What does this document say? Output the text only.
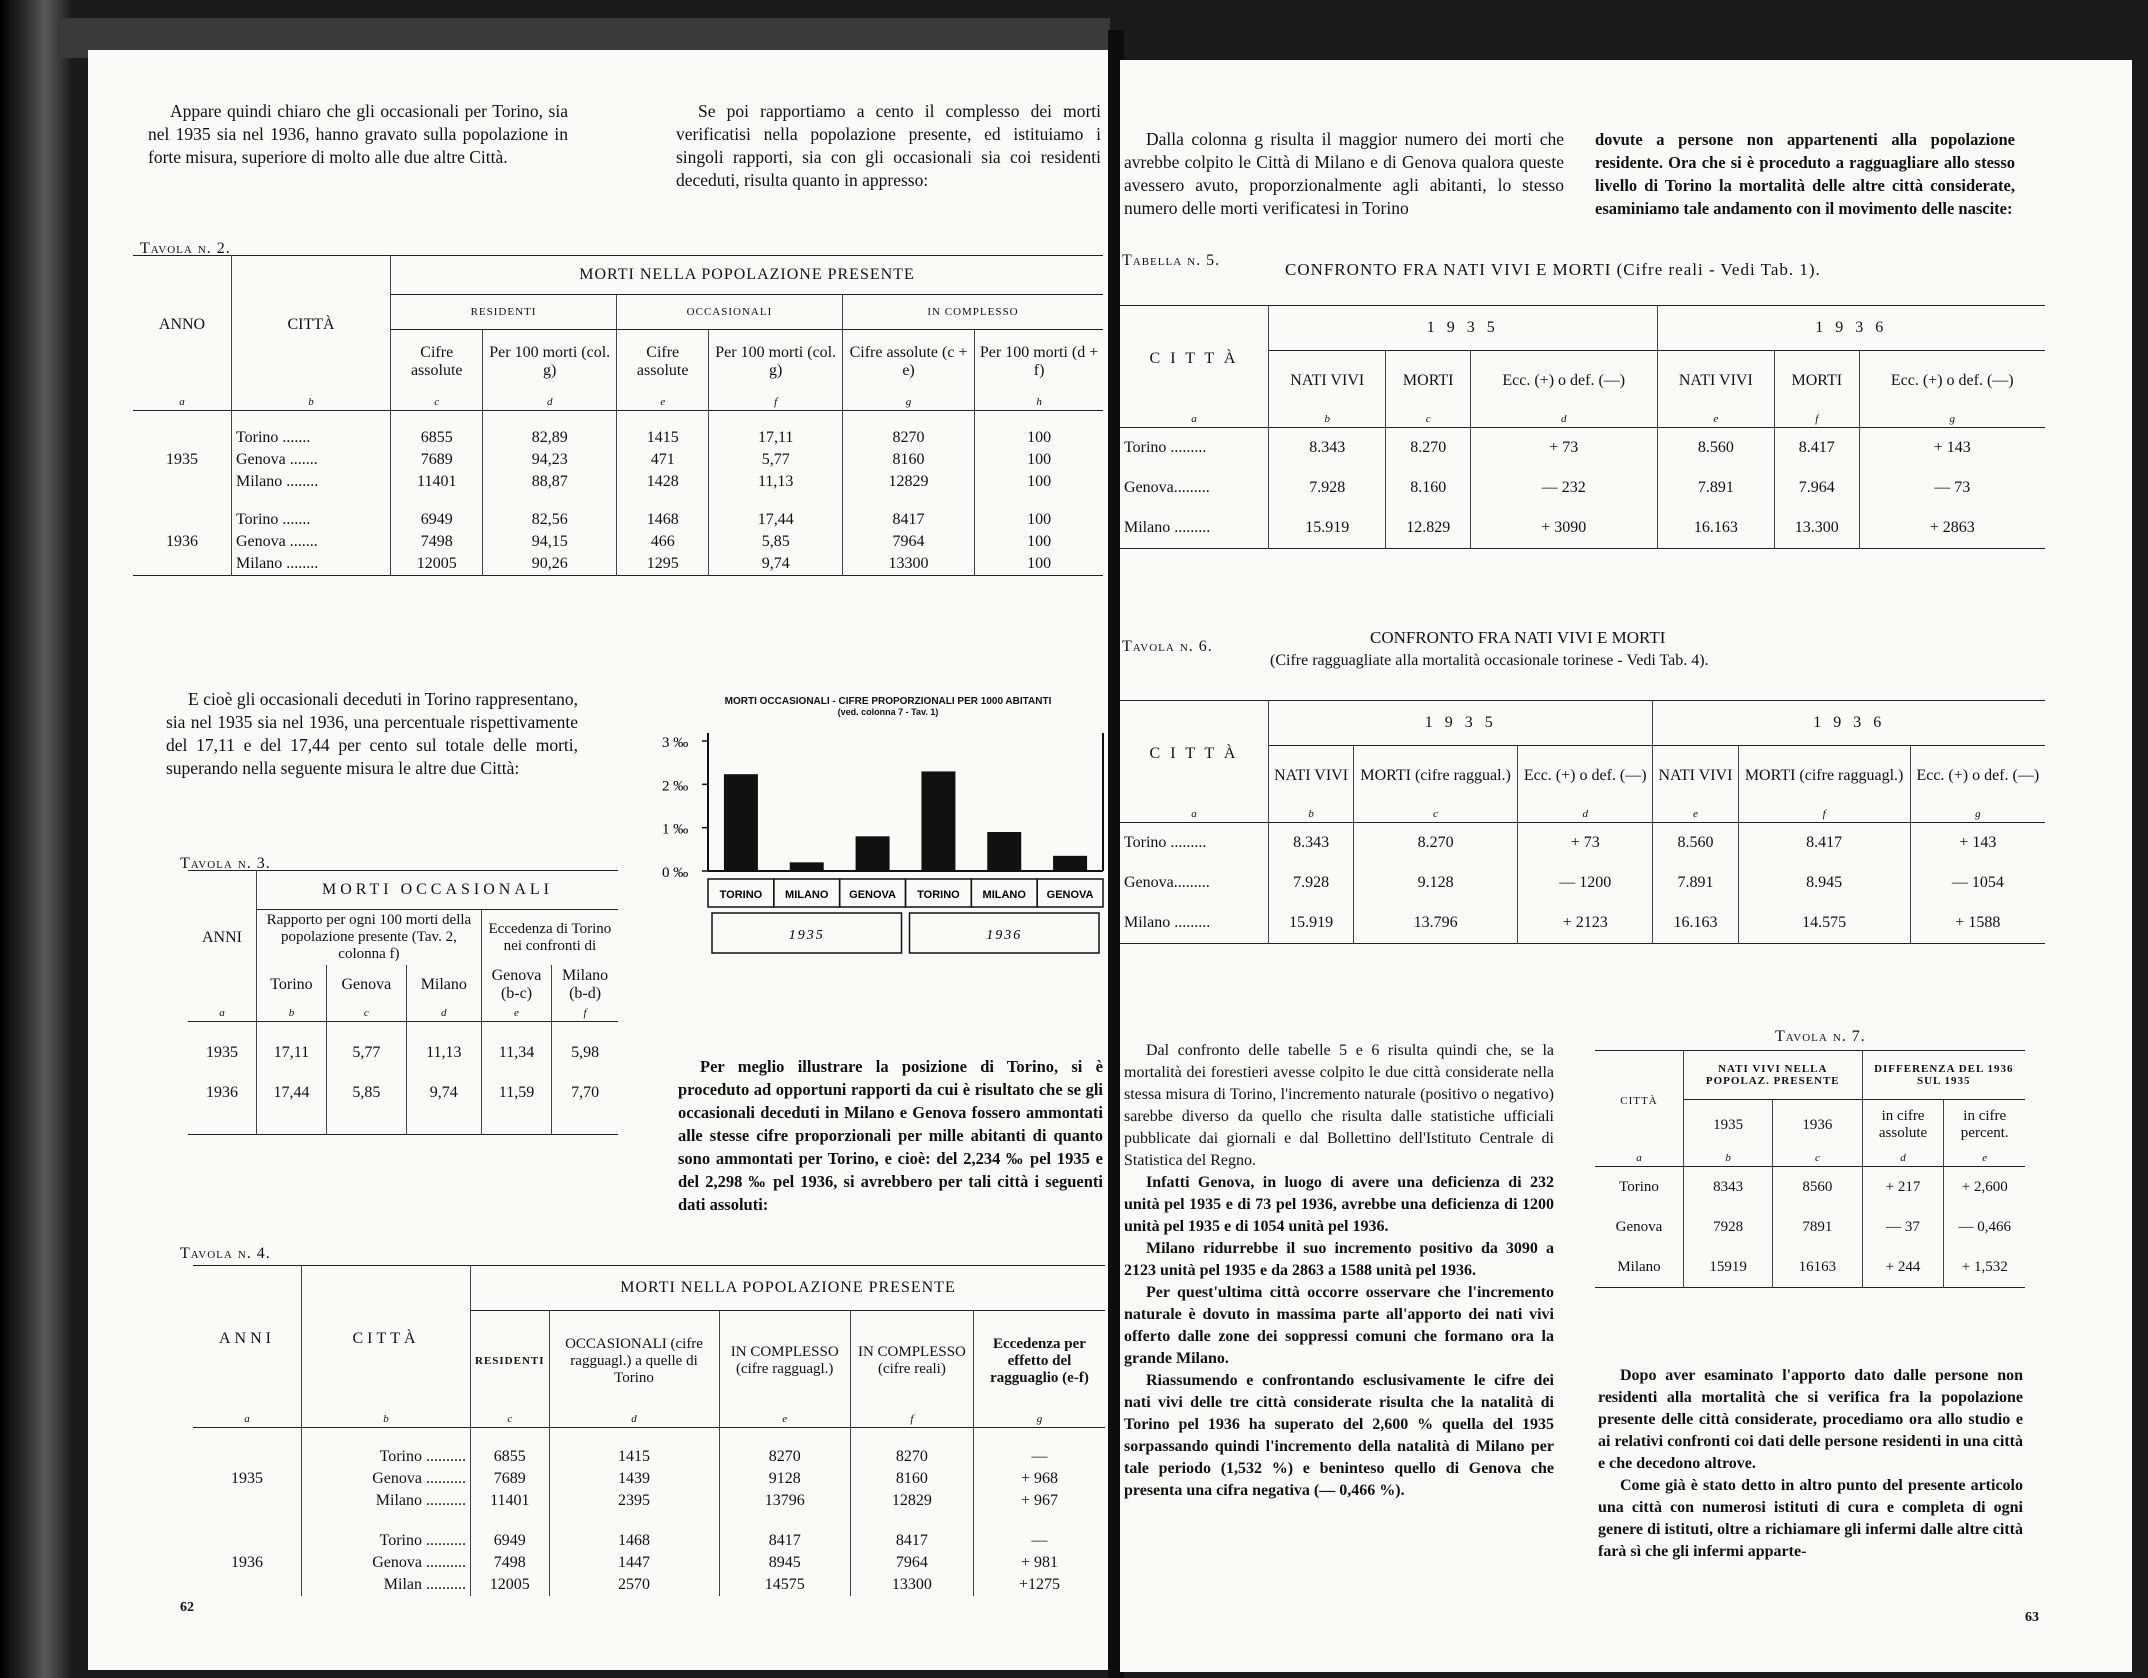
Appare quindi chiaro che gli occasionali per Torino, sia nel 1935 sia nel 1936, hanno gravato sulla popolazione in forte misura, superiore di molto alle due altre Città.
Se poi rapportiamo a cento il complesso dei morti verificatisi nella popolazione presente, ed istituiamo i singoli rapporti, sia con gli occasionali sia coi residenti deceduti, risulta quanto in appresso:
Tavola n. 2.
ANNO	CITTÀ	MORTI NELLA POPOLAZIONE PRESENTE					
		RESIDENTI		OCCASIONALI		IN COMPLESSO	
		Cifre assolute	Per 100 morti (col. g)	Cifre assolute	Per 100 morti (col. g)	Cifre assolute (c + e)	Per 100 morti (d + f)
a	b	c	d	e	f	g	h

1935	Torino .......	6855	82,89	1415	17,11	8270	100
	Genova .......	7689	94,23	471	5,77	8160	100
	Milano ........	11401	88,87	1428	11,13	12829	100

1936	Torino .......	6949	82,56	1468	17,44	8417	100
	Genova .......	7498	94,15	466	5,85	7964	100
	Milano ........	12005	90,26	1295	9,74	13300	100
E cioè gli occasionali deceduti in Torino rappresentano, sia nel 1935 sia nel 1936, una percentuale rispettivamente del 17,11 e del 17,44 per cento sul totale delle morti, superando nella seguente misura le altre due Città:
MORTI OCCASIONALI - CIFRE PROPORZIONALI PER 1000 ABITANTI
(ved. colonna 7 - Tav. 1)
3 ‰
2 ‰
1 ‰
0 ‰
TORINO MILANO GENOVA TORINO MILANO GENOVA
1935	1936
Tavola n. 3.
ANNI	MORTI OCCASIONALI				
	Rapporto per ogni 100 morti della popolazione presente (Tav. 2, colonna f)			Eccedenza di Torino nei confronti di	
	Torino	Genova	Milano	Genova (b-c)	Milano (b-d)

a	b	c	d	e	f

1935	17,11	5,77	11,13	11,34	5,98

1936	17,44	5,85	9,74	11,59	7,70

Per meglio illustrare la posizione di Torino, si è proceduto ad opportuni rapporti da cui è risultato che se gli occasionali deceduti in Milano e Genova fossero ammontati alle stesse cifre proporzionali per mille abitanti di quanto sono ammontati per Torino, e cioè: del 2,234 ‰ pel 1935 e del 2,298 ‰ pel 1936, si avrebbero per tali città i seguenti dati assoluti:
Tavola n. 4.
ANNI	CITTÀ	MORTI NELLA POPOLAZIONE PRESENTE				
		RESIDENTI	OCCASIONALI (cifre ragguagl.) a quelle di Torino	IN COMPLESSO (cifre ragguagl.)	IN COMPLESSO (cifre reali)	Eccedenza per effetto del ragguaglio (e-f)

a	b	c	d	e	f	g

1935	Torino ..........	6855	1415	8270	8270	—
	Genova ..........	7689	1439	9128	8160	+ 968
	Milano ..........	11401	2395	13796	12829	+ 967

1936	Torino ..........	6949	1468	8417	8417	—
	Genova ..........	7498	1447	8945	7964	+ 981
	Milan ..........	12005	2570	14575	13300	+1275
62
Dalla colonna g risulta il maggior numero dei morti che avrebbe colpito le Città di Milano e di Genova qualora queste avessero avuto, proporzionalmente agli abitanti, lo stesso numero delle morti verificatesi in Torino
dovute a persone non appartenenti alla popolazione residente. Ora che si è proceduto a ragguagliare allo stesso livello di Torino la mortalità delle altre città considerate, esaminiamo tale andamento con il movimento delle nascite:
Tabella n. 5.	CONFRONTO FRA NATI VIVI E MORTI (Cifre reali - Vedi Tab. 1).
C I T T À	1 9 3 5			1 9 3 6		
	NATI VIVI	MORTI	Ecc. (+) o def. (—)	NATI VIVI	MORTI	Ecc. (+) o def. (—)

a	b	c	d	e	f	g
Torino .........	8.343	8.270	+ 73	8.560	8.417	+ 143
Genova.........	7.928	8.160	— 232	7.891	7.964	— 73
Milano .........	15.919	12.829	+ 3090	16.163	13.300	+ 2863
Tavola n. 6.	CONFRONTO FRA NATI VIVI E MORTI
(Cifre ragguagliate alla mortalità occasionale torinese - Vedi Tab. 4).
C I T T À	1 9 3 5			1 9 3 6		
	NATI VIVI	MORTI (cifre raggual.)	Ecc. (+) o def. (—)	NATI VIVI	MORTI (cifre ragguagl.)	Ecc. (+) o def. (—)

a	b	c	d	e	f	g
Torino .........	8.343	8.270	+ 73	8.560	8.417	+ 143
Genova.........	7.928	9.128	— 1200	7.891	8.945	— 1054
Milano .........	15.919	13.796	+ 2123	16.163	14.575	+ 1588
Dal confronto delle tabelle 5 e 6 risulta quindi che, se la mortalità dei forestieri avesse colpito le due città considerate nella stessa misura di Torino, l'incremento naturale (positivo o negativo) sarebbe diverso da quello che risulta dalle statistiche ufficiali pubblicate dai giornali e dal Bollettino dell'Istituto Centrale di Statistica del Regno.
Infatti Genova, in luogo di avere una deficienza di 232 unità pel 1935 e di 73 pel 1936, avrebbe una deficienza di 1200 unità pel 1935 e di 1054 unità pel 1936.
Milano ridurrebbe il suo incremento positivo da 3090 a 2123 unità pel 1935 e da 2863 a 1588 unità pel 1936.
Per quest'ultima città occorre osservare che l'incremento naturale è dovuto in massima parte all'apporto dei nati vivi offerto dalle zone dei soppressi comuni che formano ora la grande Milano.
Riassumendo e confrontando esclusivamente le cifre dei nati vivi delle tre città considerate risulta che la natalità di Torino pel 1936 ha superato del 2,600 % quella del 1935 sorpassando quindi l'incremento della natalità di Milano per tale periodo (1,532 %) e beninteso quello di Genova che presenta una cifra negativa (— 0,466 %).
Tavola n. 7.
CITTÀ	NATI VIVI NELLA POPOLAZ. PRESENTE		DIFFERENZA DEL 1936 SUL 1935	
	1935	1936	in cifre assolute	in cifre percent.
a	b	c	d	e
Torino	8343	8560	+ 217	+ 2,600
Genova	7928	7891	— 37	— 0,466
Milano	15919	16163	+ 244	+ 1,532
Dopo aver esaminato l'apporto dato dalle persone non residenti alla mortalità che si verifica fra la popolazione presente delle città considerate, procediamo ora allo studio e ai relativi confronti coi dati delle persone residenti in una città e che decedono altrove.
Come già è stato detto in altro punto del presente articolo una città con numerosi istituti di cura e completa di ogni genere di istituti, oltre a richiamare gli infermi dalle altre città farà sì che gli infermi apparte-
63
